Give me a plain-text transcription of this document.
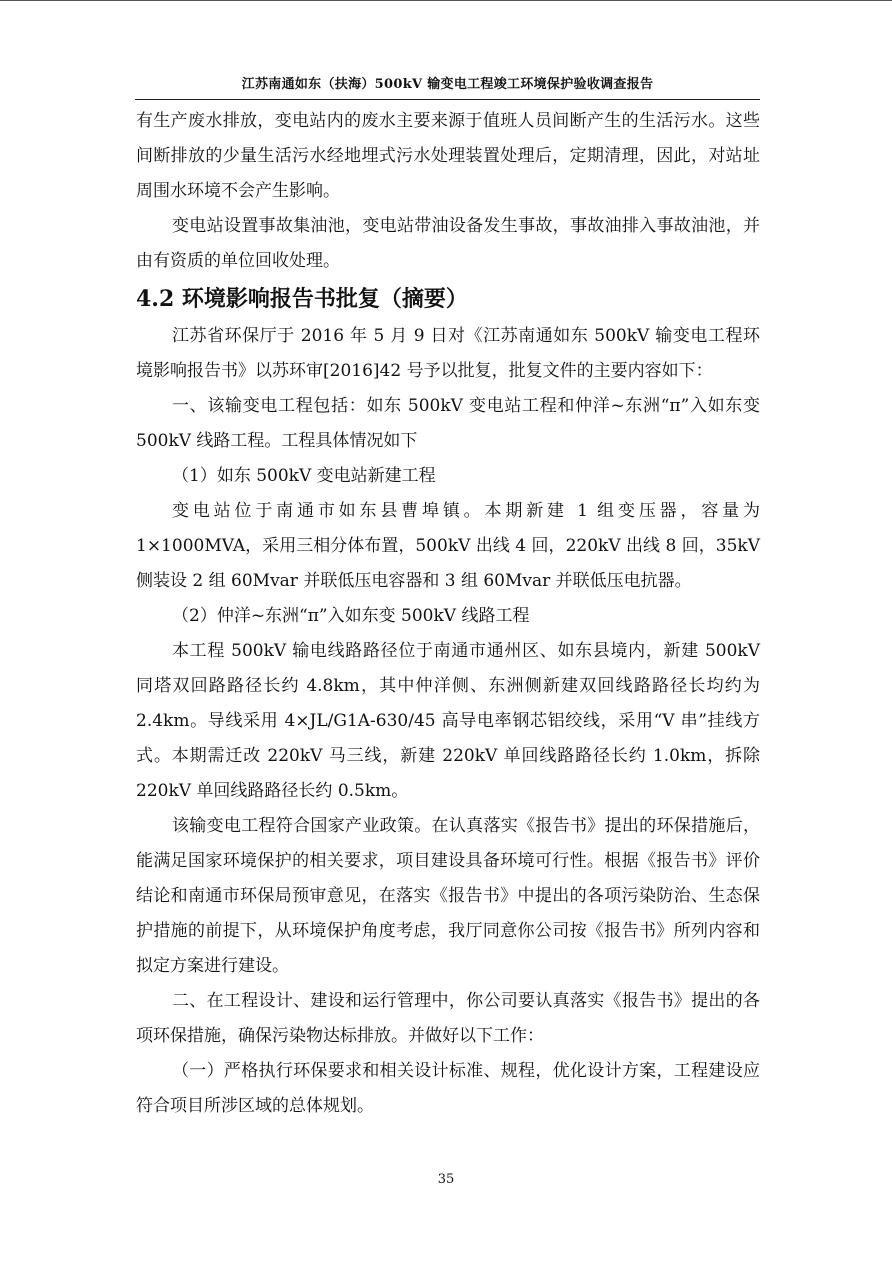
江苏南通如东（扶海）500kV 输变电工程竣工环境保护验收调查报告

有生产废水排放，变电站内的废水主要来源于值班人员间断产生的生活污水。这些间断排放的少量生活污水经地埋式污水处理装置处理后，定期清理，因此，对站址周围水环境不会产生影响。

变电站设置事故集油池，变电站带油设备发生事故，事故油排入事故油池，并由有资质的单位回收处理。

4.2 环境影响报告书批复（摘要）

江苏省环保厅于 2016 年 5 月 9 日对《江苏南通如东 500kV 输变电工程环境影响报告书》以苏环审[2016]42 号予以批复，批复文件的主要内容如下：

一、该输变电工程包括：如东 500kV 变电站工程和仲洋~东洲“π”入如东变 500kV 线路工程。工程具体情况如下

（1）如东 500kV 变电站新建工程

变电站位于南通市如东县曹埠镇。本期新建 1 组变压器，容量为 1×1000MVA，采用三相分体布置，500kV 出线 4 回，220kV 出线 8 回，35kV 侧装设 2 组 60Mvar 并联低压电容器和 3 组 60Mvar 并联低压电抗器。

（2）仲洋~东洲“π”入如东变 500kV 线路工程

本工程 500kV 输电线路路径位于南通市通州区、如东县境内，新建 500kV 同塔双回路路径长约 4.8km，其中仲洋侧、东洲侧新建双回线路路径长均约为 2.4km。导线采用 4×JL/G1A-630/45 高导电率钢芯铝绞线，采用“V 串”挂线方式。本期需迁改 220kV 马三线，新建 220kV 单回线路路径长约 1.0km，拆除 220kV 单回线路路径长约 0.5km。

该输变电工程符合国家产业政策。在认真落实《报告书》提出的环保措施后，能满足国家环境保护的相关要求，项目建设具备环境可行性。根据《报告书》评价结论和南通市环保局预审意见，在落实《报告书》中提出的各项污染防治、生态保护措施的前提下，从环境保护角度考虑，我厅同意你公司按《报告书》所列内容和拟定方案进行建设。

二、在工程设计、建设和运行管理中，你公司要认真落实《报告书》提出的各项环保措施，确保污染物达标排放。并做好以下工作：

（一）严格执行环保要求和相关设计标准、规程，优化设计方案，工程建设应符合项目所涉区域的总体规划。

35
